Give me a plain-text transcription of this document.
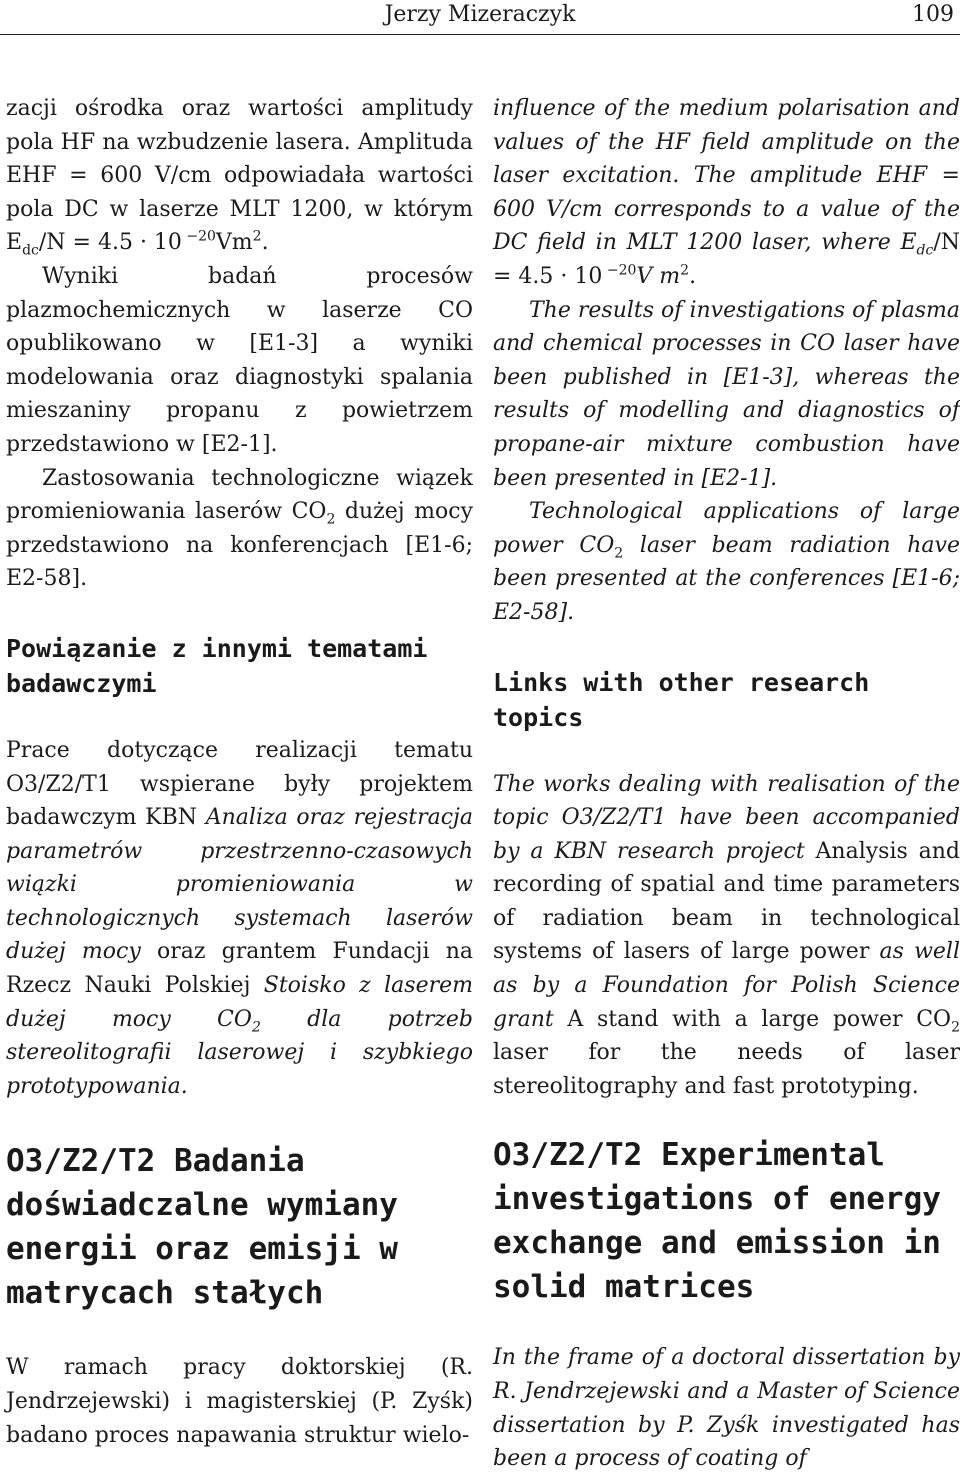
Jerzy Mizeraczyk	109

zacji ośrodka oraz wartości amplitudy pola HF na wzbudzenie lasera. Amplituda EHF = 600 V/cm odpowiadała wartości pola DC w laserze MLT 1200, w którym $E_{dc}/N = 4.5 \cdot 10$ $^{-20}$Vm$^2$.

Wyniki badań procesów plazmochemicznych w laserze CO opublikowano w [E1-3] a wyniki modelowania oraz diagnostyki spalania mieszaniny propanu z powietrzem przedstawiono w [E2-1].

Zastosowania technologiczne wiązek promieniowania laserów $CO_2$ dużej mocy przedstawiono na konferencjach [E1-6; E2-58].

Powiązanie z innymi tematami badawczymi

Prace dotyczące realizacji tematu O3/Z2/T1 wspierane były projektem badawczym KBN Analiza oraz rejestracja parametrów przestrzenno-czasowych wiązki promieniowania w technologicznych systemach laserów dużej mocy oraz grantem Fundacji na Rzecz Nauki Polskiej Stoisko z laserem dużej mocy $CO_2$ dla potrzeb stereolitografii laserowej i szybkiego prototypowania.

O3/Z2/T2 Badania doświadczalne wymiany energii oraz emisji w matrycach stałych

W ramach pracy doktorskiej (R. Jendrzejewski) i magisterskiej (P. Zyśk) badano proces napawania struktur wielo-

influence of the medium polarisation and values of the HF field amplitude on the laser excitation. The amplitude EHF = 600 V/cm corresponds to a value of the DC field in MLT 1200 laser, where $E_{dc}/N = 4.5 \cdot 10$ $^{-20}$V $m^2$.

The results of investigations of plasma and chemical processes in CO laser have been published in [E1-3], whereas the results of modelling and diagnostics of propane-air mixture combustion have been presented in [E2-1].

Technological applications of large power $CO_2$ laser beam radiation have been presented at the conferences [E1-6; E2-58].

Links with other research topics

The works dealing with realisation of the topic O3/Z2/T1 have been accompanied by a KBN research project Analysis and recording of spatial and time parameters of radiation beam in technological systems of lasers of large power as well as by a Foundation for Polish Science grant A stand with a large power $CO_2$ laser for the needs of laser stereolitography and fast prototyping.

O3/Z2/T2 Experimental investigations of energy exchange and emission in solid matrices

In the frame of a doctoral dissertation by R. Jendrzejewski and a Master of Science dissertation by P. Zyśk investigated has been a process of coating of
